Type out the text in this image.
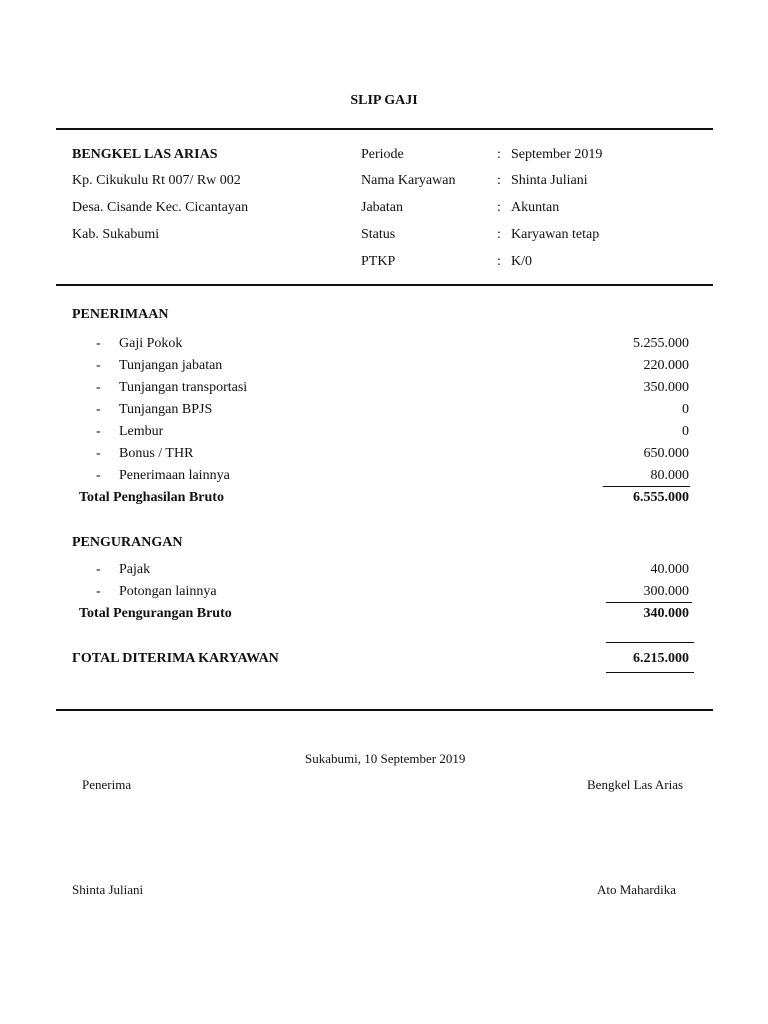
SLIP GAJI
BENGKEL LAS ARIAS
Kp. Cikukulu Rt 007/ Rw 002
Desa. Cisande Kec. Cicantayan
Kab. Sukabumi
Periode	: September 2019
Nama Karyawan	: Shinta Juliani
Jabatan	: Akuntan
Status	: Karyawan tetap
PTKP	: K/0
PENERIMAAN
- Gaji Pokok	5.255.000
- Tunjangan jabatan	220.000
- Tunjangan transportasi	350.000
- Tunjangan BPJS	0
- Lembur	0
- Bonus / THR	650.000
- Penerimaan lainnya	80.000
Total Penghasilan Bruto	6.555.000
PENGURANGAN
- Pajak	40.000
- Potongan lainnya	300.000
Total Pengurangan Bruto	340.000
ΓOTAL DITERIMA KARYAWAN	6.215.000
Sukabumi, 10 September 2019
Penerima	Bengkel Las Arias
Shinta Juliani	Ato Mahardika
